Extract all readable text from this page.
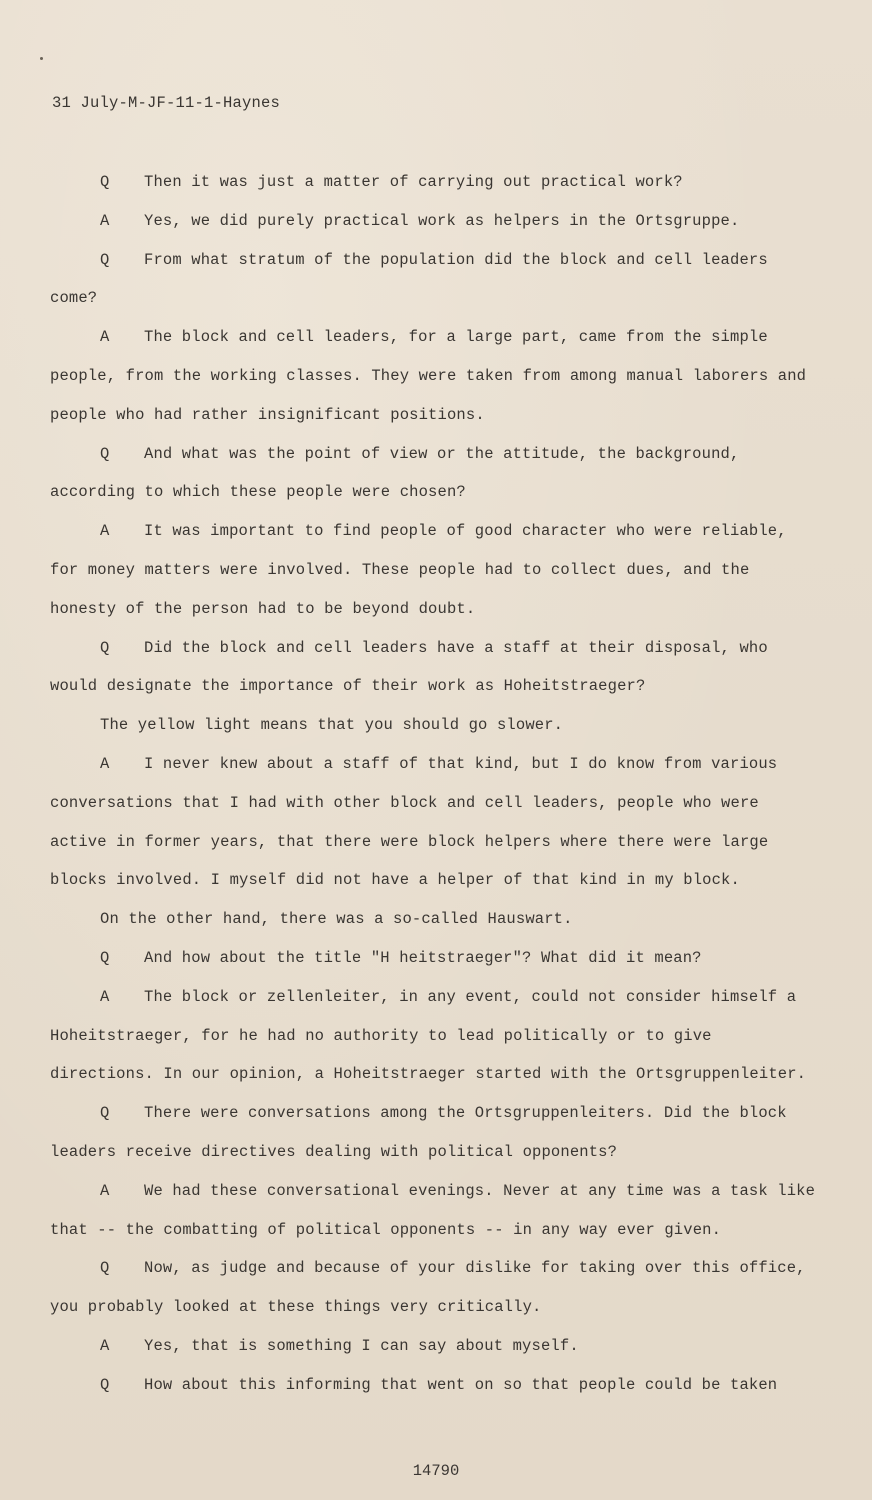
31 July-M-JF-11-1-Haynes

Q Then it was just a matter of carrying out practical work?

A Yes, we did purely practical work as helpers in the Ortsgruppe.

Q From what stratum of the population did the block and cell leaders come?

A The block and cell leaders, for a large part, came from the simple people, from the working classes. They were taken from among manual laborers and people who had rather insignificant positions.

Q And what was the point of view or the attitude, the background, according to which these people were chosen?

A It was important to find people of good character who were reliable, for money matters were involved. These people had to collect dues, and the honesty of the person had to be beyond doubt.

Q Did the block and cell leaders have a staff at their disposal, who would designate the importance of their work as Hoheitstraeger?

The yellow light means that you should go slower.

A I never knew about a staff of that kind, but I do know from various conversations that I had with other block and cell leaders, people who were active in former years, that there were block helpers where there were large blocks involved. I myself did not have a helper of that kind in my block.

On the other hand, there was a so-called Hauswart.

Q And how about the title "H heitstraeger"? What did it mean?

A The block or zellenleiter, in any event, could not consider himself a Hoheitstraeger, for he had no authority to lead politically or to give directions. In our opinion, a Hoheitstraeger started with the Ortsgruppenleiter.

Q There were conversations among the Ortsgruppenleiters. Did the block leaders receive directives dealing with political opponents?

A We had these conversational evenings. Never at any time was a task like that -- the combatting of political opponents -- in any way ever given.

Q Now, as judge and because of your dislike for taking over this office, you probably looked at these things very critically.

A Yes, that is something I can say about myself.

Q How about this informing that went on so that people could be taken

14790
